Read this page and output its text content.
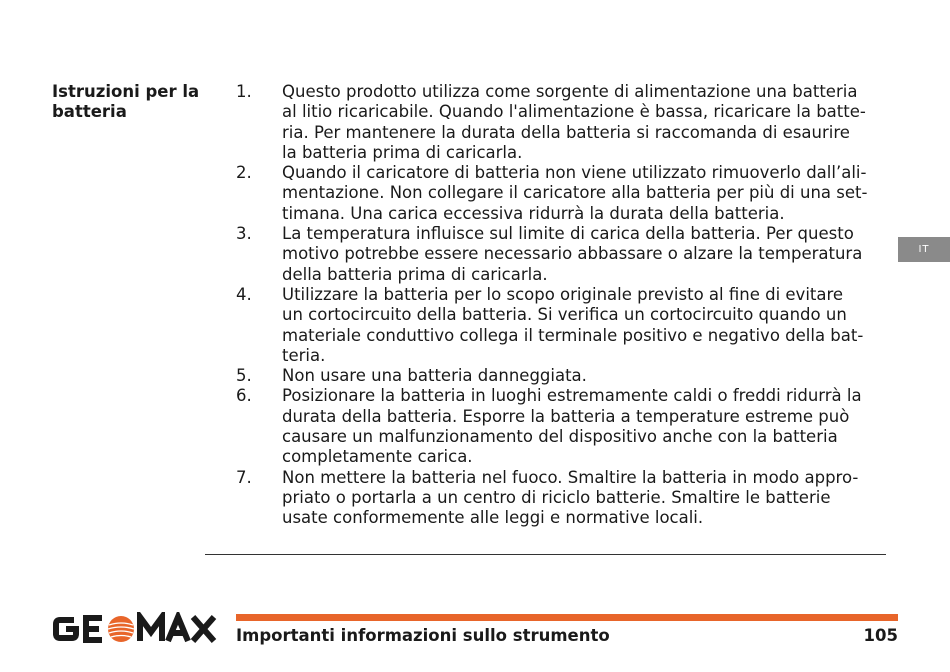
Istruzioni per la
batteria
1. Questo prodotto utilizza come sorgente di alimentazione una batteria
al litio ricaricabile. Quando l'alimentazione è bassa, ricaricare la batte-
ria. Per mantenere la durata della batteria si raccomanda di esaurire
la batteria prima di caricarla.
2. Quando il caricatore di batteria non viene utilizzato rimuoverlo dall’ali-
mentazione. Non collegare il caricatore alla batteria per più di una set-
timana. Una carica eccessiva ridurrà la durata della batteria.
3. La temperatura influisce sul limite di carica della batteria. Per questo
motivo potrebbe essere necessario abbassare o alzare la temperatura
della batteria prima di caricarla.
4. Utilizzare la batteria per lo scopo originale previsto al fine di evitare
un cortocircuito della batteria. Si verifica un cortocircuito quando un
materiale conduttivo collega il terminale positivo e negativo della bat-
teria.
5. Non usare una batteria danneggiata.
6. Posizionare la batteria in luoghi estremamente caldi o freddi ridurrà la
durata della batteria. Esporre la batteria a temperature estreme può
causare un malfunzionamento del dispositivo anche con la batteria
completamente carica.
7. Non mettere la batteria nel fuoco. Smaltire la batteria in modo appro-
priato o portarla a un centro di riciclo batterie. Smaltire le batterie
usate conformemente alle leggi e normative locali.
IT
Importanti informazioni sullo strumento	105
